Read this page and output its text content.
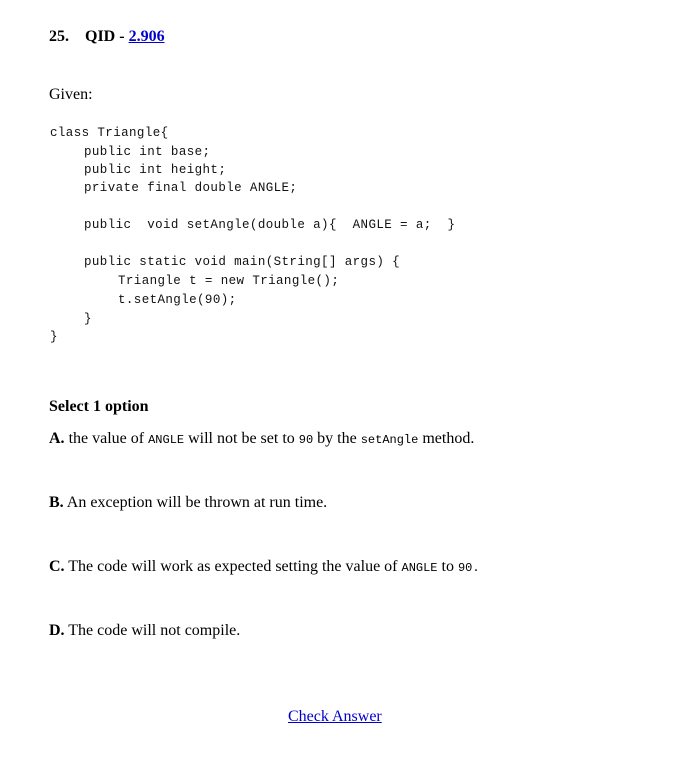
25. QID - 2.906
Given:

class Triangle{

public int base;

public int height;

private final double ANGLE;

public  void setAngle(double a){  ANGLE = a;  }

public static void main(String[] args) {

Triangle t = new Triangle();

t.setAngle(90);

}

}

Select 1 option
A. the value of ANGLE will not be set to 90 by the setAngle method.
B. An exception will be thrown at run time.
C. The code will work as expected setting the value of ANGLE to 90.
D. The code will not compile.
Check Answer
